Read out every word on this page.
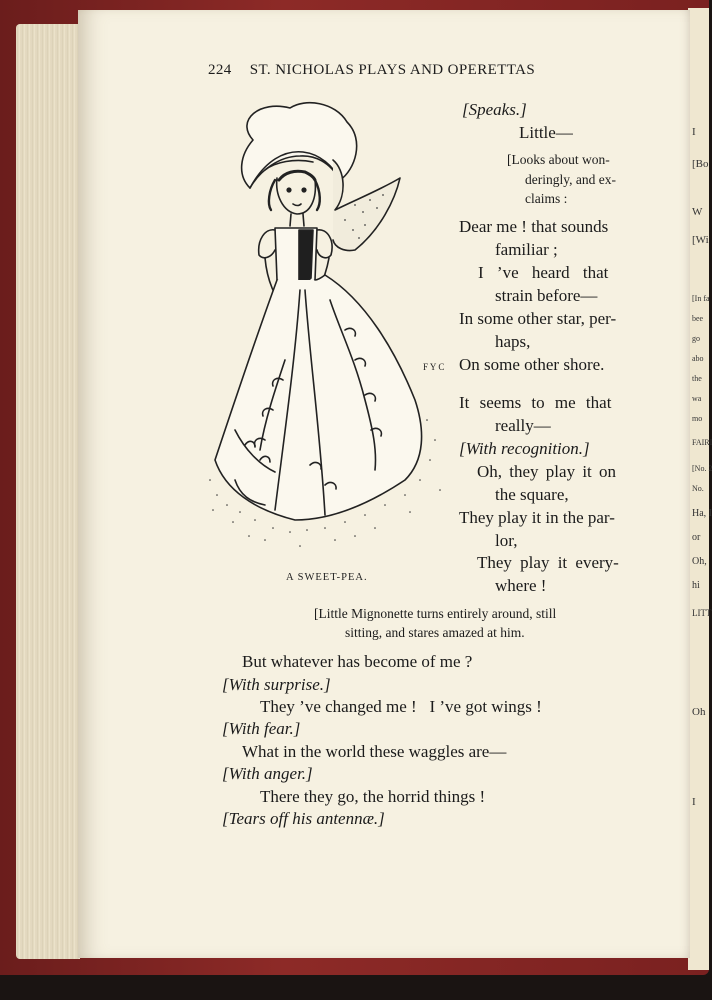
I
[Bo
W
[Wi
[In fa
bee
go
abo
the
wa
mo
FAIRI
[No. 2
No.
Ha, I
or
Oh,
hi
LITT
Oh
I
224 ST. NICHOLAS PLAYS AND OPERETTAS
F Y C
A SWEET-PEA.
[Speaks.]
Little—
[Looks about won-
deringly, and ex-
claims :
Dear me ! that sounds
familiar ;
I ’ve heard that
strain before—
In some other star, per-
haps,
On some other shore.
It seems to me that
really—
[With recognition.]
Oh, they play it on
the square,
They play it in the par-
lor,
They play it every-
where !
[Little Mignonette turns entirely around, still
sitting, and stares amazed at him.
But whatever has become of me ?
[With surprise.]
They ’ve changed me !   I ’ve got wings !
[With fear.]
What in the world these waggles are—
[With anger.]
There they go, the horrid things !
[Tears off his antennæ.]
